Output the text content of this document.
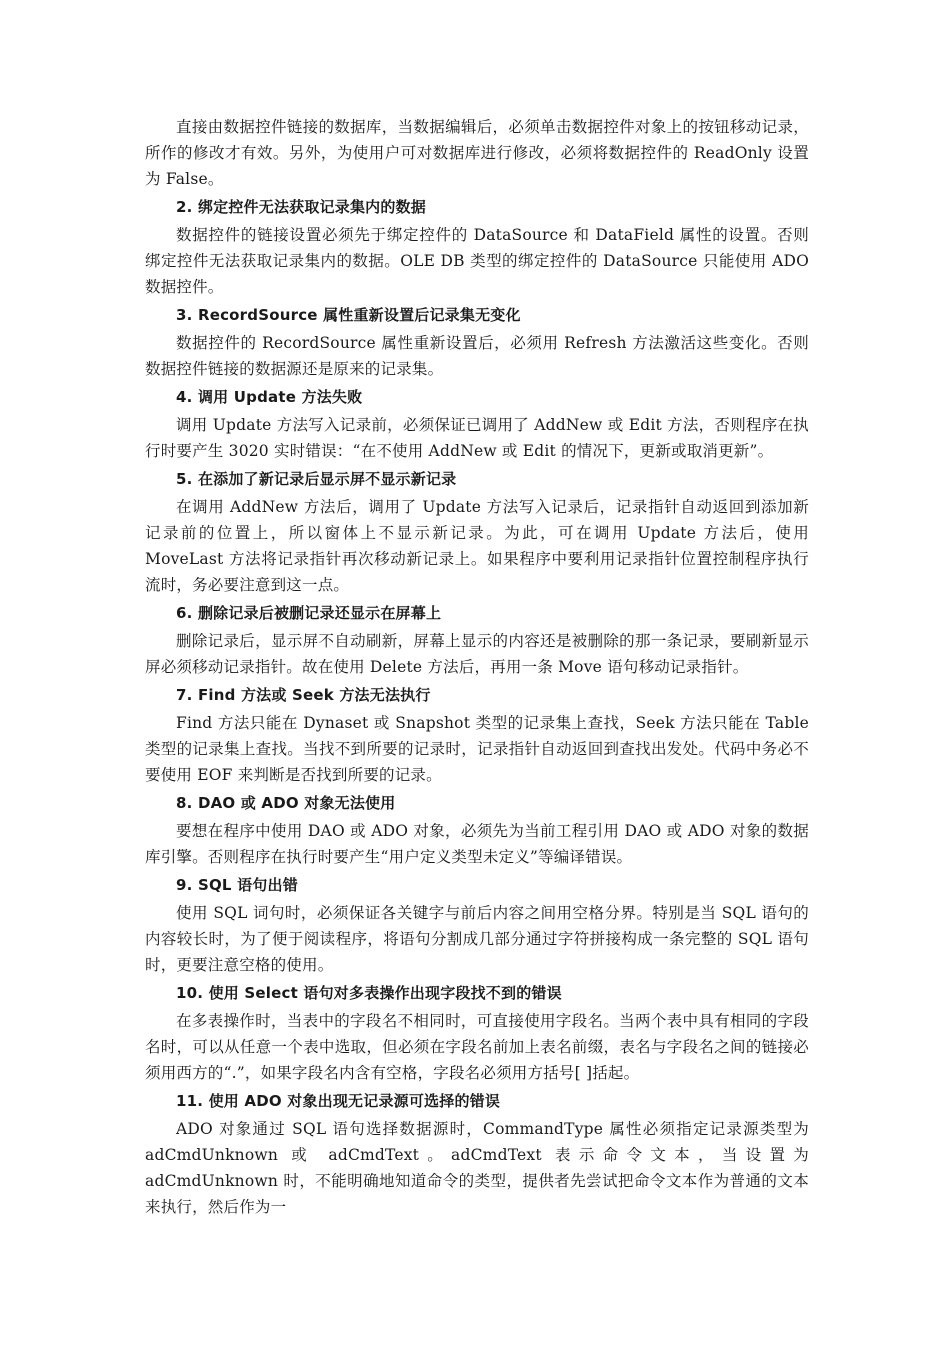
直接由数据控件链接的数据库，当数据编辑后，必须单击数据控件对象上的按钮移动记录，所作的修改才有效。另外，为使用户可对数据库进行修改，必须将数据控件的 ReadOnly 设置为 False。

2. 绑定控件无法获取记录集内的数据

数据控件的链接设置必须先于绑定控件的 DataSource 和 DataField 属性的设置。否则绑定控件无法获取记录集内的数据。OLE DB 类型的绑定控件的 DataSource 只能使用 ADO 数据控件。

3. RecordSource 属性重新设置后记录集无变化

数据控件的 RecordSource 属性重新设置后，必须用 Refresh 方法激活这些变化。否则数据控件链接的数据源还是原来的记录集。

4. 调用 Update 方法失败

调用 Update 方法写入记录前，必须保证已调用了 AddNew 或 Edit 方法，否则程序在执行时要产生 3020 实时错误：“在不使用 AddNew 或 Edit 的情况下，更新或取消更新”。

5. 在添加了新记录后显示屏不显示新记录

在调用 AddNew 方法后，调用了 Update 方法写入记录后，记录指针自动返回到添加新记录前的位置上，所以窗体上不显示新记录。为此，可在调用 Update 方法后，使用 MoveLast 方法将记录指针再次移动新记录上。如果程序中要利用记录指针位置控制程序执行流时，务必要注意到这一点。

6. 删除记录后被删记录还显示在屏幕上

删除记录后，显示屏不自动刷新，屏幕上显示的内容还是被删除的那一条记录，要刷新显示屏必须移动记录指针。故在使用 Delete 方法后，再用一条 Move 语句移动记录指针。

7. Find 方法或 Seek 方法无法执行

Find 方法只能在 Dynaset 或 Snapshot 类型的记录集上查找，Seek 方法只能在 Table 类型的记录集上查找。当找不到所要的记录时，记录指针自动返回到查找出发处。代码中务必不要使用 EOF 来判断是否找到所要的记录。

8. DAO 或 ADO 对象无法使用

要想在程序中使用 DAO 或 ADO 对象，必须先为当前工程引用 DAO 或 ADO 对象的数据库引擎。否则程序在执行时要产生“用户定义类型未定义”等编译错误。

9. SQL 语句出错

使用 SQL 词句时，必须保证各关键字与前后内容之间用空格分界。特别是当 SQL 语句的内容较长时，为了便于阅读程序，将语句分割成几部分通过字符拼接构成一条完整的 SQL 语句时，更要注意空格的使用。

10. 使用 Select 语句对多表操作出现字段找不到的错误

在多表操作时，当表中的字段名不相同时，可直接使用字段名。当两个表中具有相同的字段名时，可以从任意一个表中选取，但必须在字段名前加上表名前缀，表名与字段名之间的链接必须用西方的“.”，如果字段名内含有空格，字段名必须用方括号[ ]括起。

11. 使用 ADO 对象出现无记录源可选择的错误

ADO 对象通过 SQL 语句选择数据源时，CommandType 属性必须指定记录源类型为 adCmdUnknown 或 adCmdText。adCmdText 表示命令文本，当设置为 adCmdUnknown 时，不能明确地知道命令的类型，提供者先尝试把命令文本作为普通的文本来执行，然后作为一
